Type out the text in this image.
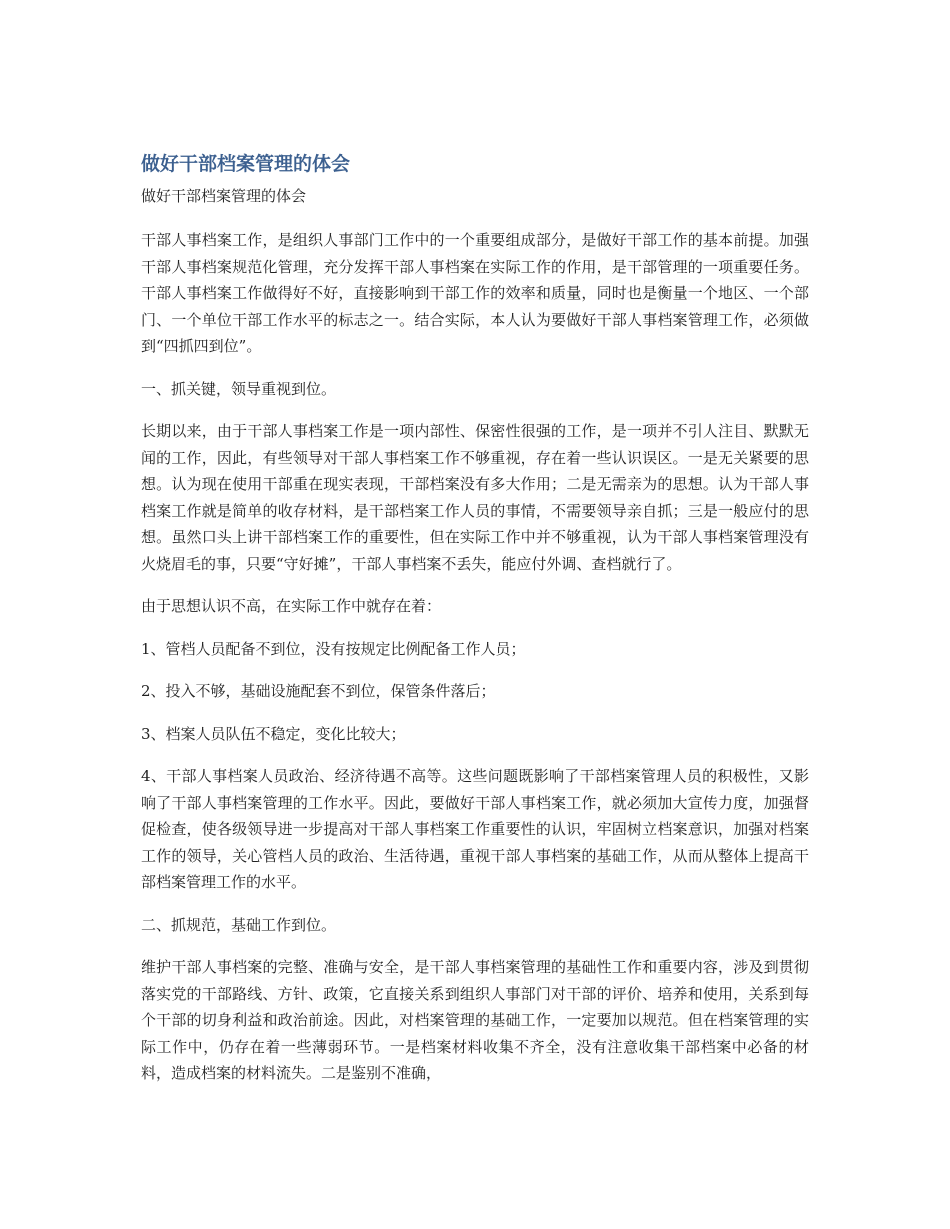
做好干部档案管理的体会

做好干部档案管理的体会

干部人事档案工作，是组织人事部门工作中的一个重要组成部分，是做好干部工作的基本前提。加强干部人事档案规范化管理，充分发挥干部人事档案在实际工作的作用，是干部管理的一项重要任务。干部人事档案工作做得好不好，直接影响到干部工作的效率和质量，同时也是衡量一个地区、一个部门、一个单位干部工作水平的标志之一。结合实际，本人认为要做好干部人事档案管理工作，必须做到“四抓四到位”。

一、抓关键，领导重视到位。

长期以来，由于干部人事档案工作是一项内部性、保密性很强的工作，是一项并不引人注目、默默无闻的工作，因此，有些领导对干部人事档案工作不够重视，存在着一些认识误区。一是无关紧要的思想。认为现在使用干部重在现实表现，干部档案没有多大作用；二是无需亲为的思想。认为干部人事档案工作就是简单的收存材料，是干部档案工作人员的事情，不需要领导亲自抓；三是一般应付的思想。虽然口头上讲干部档案工作的重要性，但在实际工作中并不够重视，认为干部人事档案管理没有火烧眉毛的事，只要“守好摊”，干部人事档案不丢失，能应付外调、查档就行了。

由于思想认识不高，在实际工作中就存在着：

1、管档人员配备不到位，没有按规定比例配备工作人员；

2、投入不够，基础设施配套不到位，保管条件落后；

3、档案人员队伍不稳定，变化比较大；

4、干部人事档案人员政治、经济待遇不高等。这些问题既影响了干部档案管理人员的积极性，又影响了干部人事档案管理的工作水平。因此，要做好干部人事档案工作，就必须加大宣传力度，加强督促检查，使各级领导进一步提高对干部人事档案工作重要性的认识，牢固树立档案意识，加强对档案工作的领导，关心管档人员的政治、生活待遇，重视干部人事档案的基础工作，从而从整体上提高干部档案管理工作的水平。

二、抓规范，基础工作到位。

维护干部人事档案的完整、准确与安全，是干部人事档案管理的基础性工作和重要内容，涉及到贯彻落实党的干部路线、方针、政策，它直接关系到组织人事部门对干部的评价、培养和使用，关系到每个干部的切身利益和政治前途。因此，对档案管理的基础工作，一定要加以规范。但在档案管理的实际工作中，仍存在着一些薄弱环节。一是档案材料收集不齐全，没有注意收集干部档案中必备的材料，造成档案的材料流失。二是鉴别不准确，
